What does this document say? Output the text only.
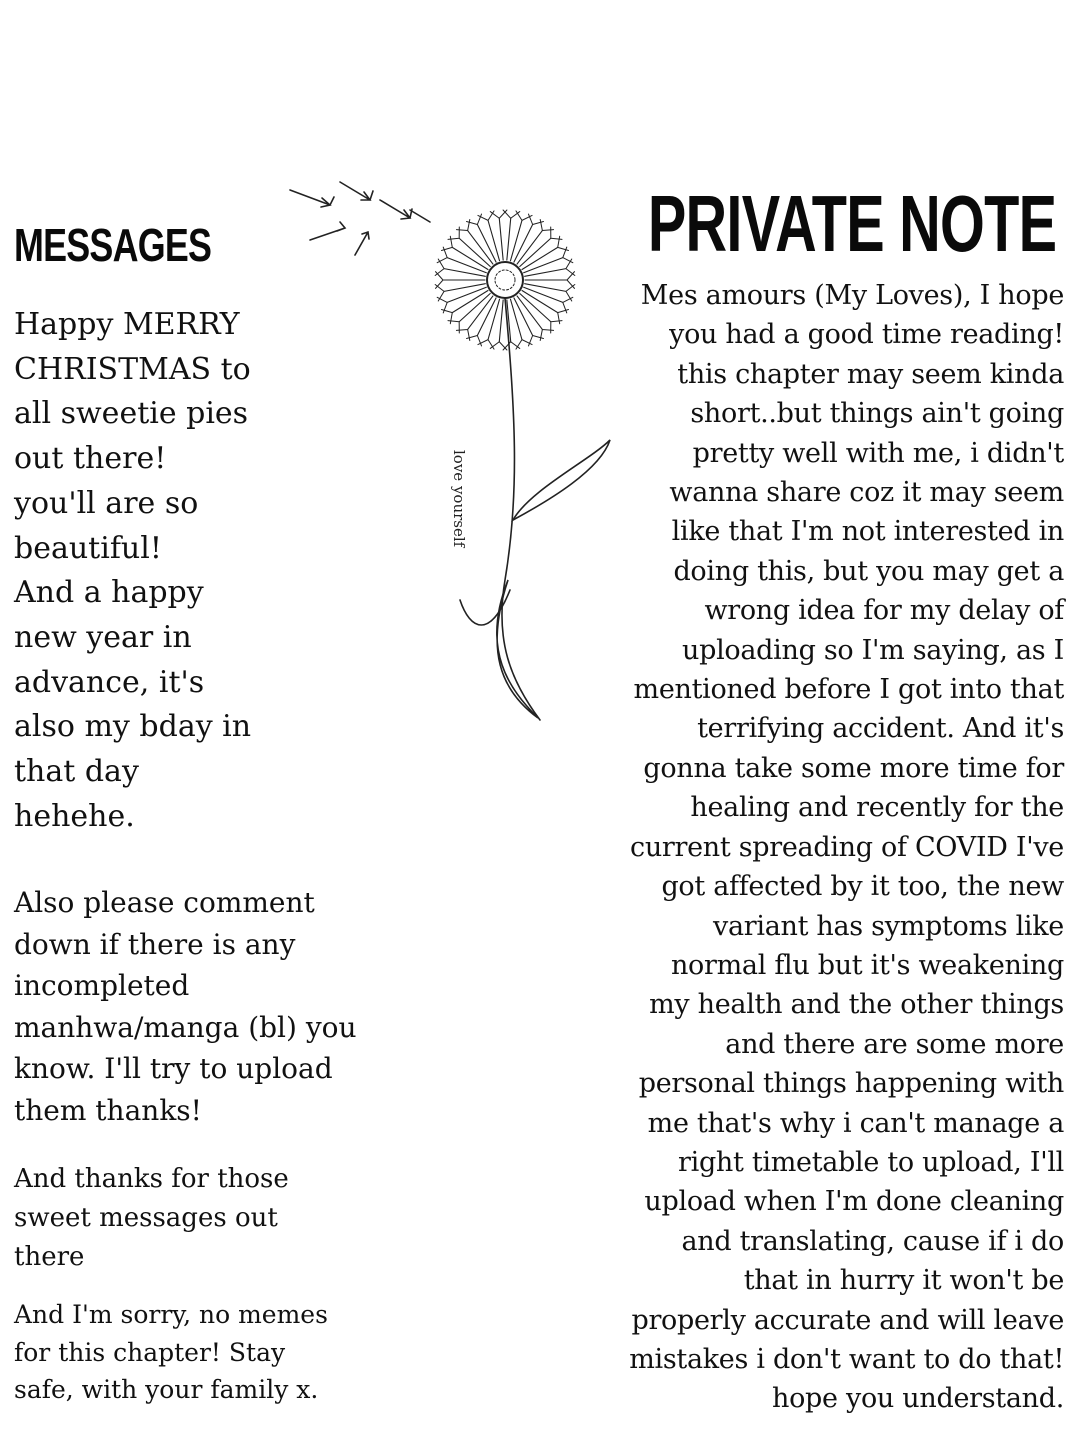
MESSAGES

Happy MERRY
CHRISTMAS to
all sweetie pies
out there!
you'll are so
beautiful!
And a happy
new year in
advance, it's
also my bday in
that day
hehehe.

Also please comment
down if there is any
incompleted
manhwa/manga (bl) you
know. I'll try to upload
them thanks!

And thanks for those
sweet messages out
there

And I'm sorry, no memes
for this chapter! Stay
safe, with your family x.

love yourself

PRIVATE NOTE

Mes amours (My Loves), I hope
you had a good time reading!
this chapter may seem kinda
short..but things ain't going
pretty well with me, i didn't
wanna share coz it may seem
like that I'm not interested in
doing this, but you may get a
wrong idea for my delay of
uploading so I'm saying, as I
mentioned before I got into that
terrifying accident. And it's
gonna take some more time for
healing and recently for the
current spreading of COVID I've
got affected by it too, the new
variant has symptoms like
normal flu but it's weakening
my health and the other things
and there are some more
personal things happening with
me that's why i can't manage a
right timetable to upload, I'll
upload when I'm done cleaning
and translating, cause if i do
that in hurry it won't be
properly accurate and will leave
mistakes i don't want to do that!
hope you understand.
